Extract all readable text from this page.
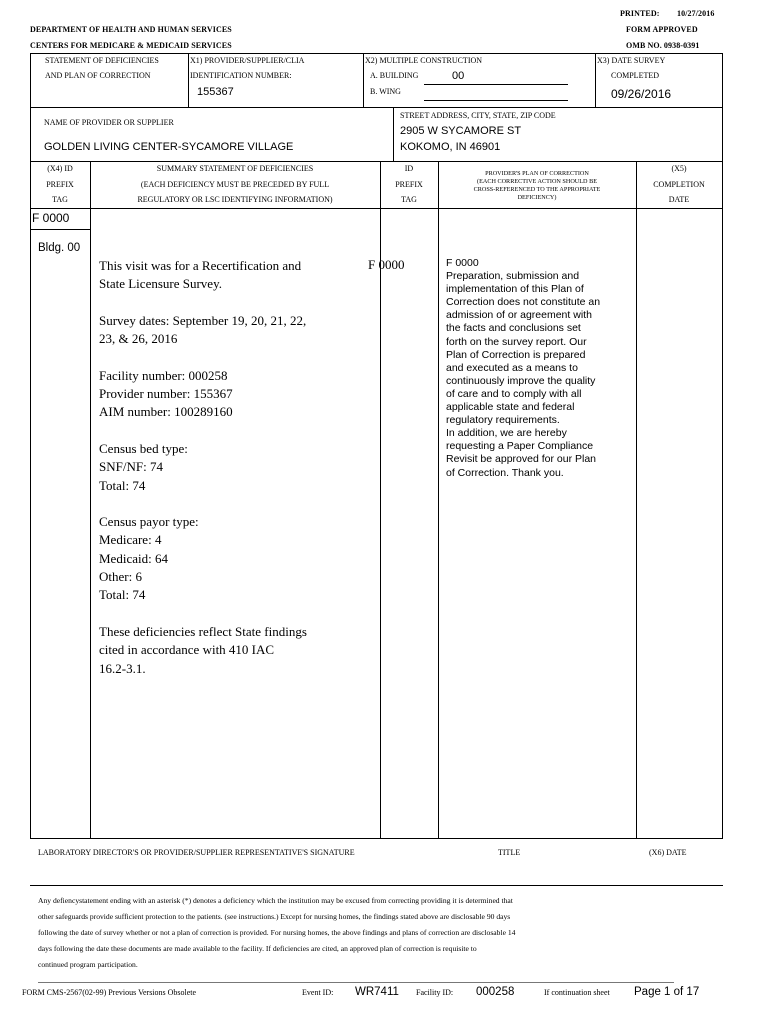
PRINTED: 10/27/2016
DEPARTMENT OF HEALTH AND HUMAN SERVICES	FORM APPROVED
CENTERS FOR MEDICARE & MEDICAID SERVICES	OMB NO. 0938-0391
STATEMENT OF DEFICIENCIES
AND PLAN OF CORRECTION
X1) PROVIDER/SUPPLIER/CLIA
IDENTIFICATION NUMBER:
155367
X2) MULTIPLE CONSTRUCTION
A. BUILDING	00
B. WING
X3) DATE SURVEY
COMPLETED
09/26/2016
NAME OF PROVIDER OR SUPPLIER
GOLDEN LIVING CENTER-SYCAMORE VILLAGE
STREET ADDRESS, CITY, STATE, ZIP CODE
2905 W SYCAMORE ST
KOKOMO, IN 46901
(X4) ID
PREFIX
TAG
SUMMARY STATEMENT OF DEFICIENCIES
(EACH DEFICIENCY MUST BE PRECEDED BY FULL
REGULATORY OR LSC IDENTIFYING INFORMATION)
ID
PREFIX
TAG
PROVIDER'S PLAN OF CORRECTION
(EACH CORRECTIVE ACTION SHOULD BE
CROSS-REFERENCED TO THE APPROPRIATE
DEFICIENCY)
(X5)
COMPLETION
DATE
F 0000
Bldg. 00
This visit was for a Recertification and
State Licensure Survey.
Survey dates: September 19, 20, 21, 22,
23, & 26, 2016
Facility number: 000258
Provider number: 155367
AIM number: 100289160
Census bed type:
SNF/NF: 74
Total: 74
Census payor type:
Medicare: 4
Medicaid: 64
Other: 6
Total: 74
These deficiencies reflect State findings
cited in accordance with 410 IAC
16.2-3.1.
F 0000	F 0000
Preparation, submission and
implementation of this Plan of
Correction does not constitute an
admission of or agreement with
the facts and conclusions set
forth on the survey report. Our
Plan of Correction is prepared
and executed as a means to
continuously improve the quality
of care and to comply with all
applicable state and federal
regulatory requirements.
In addition, we are hereby
requesting a Paper Compliance
Revisit be approved for our Plan
of Correction. Thank you.
LABORATORY DIRECTOR'S OR PROVIDER/SUPPLIER REPRESENTATIVE'S SIGNATURE	TITLE	(X6) DATE
Any defiencystatement ending with an asterisk (*) denotes a deficiency which the institution may be excused from correcting providing it is determined that
other safeguards provide sufficient protection to the patients. (see instructions.) Except for nursing homes, the findings stated above are disclosable 90 days
following the date of survey whether or not a plan of correction is provided. For nursing homes, the above findings and plans of correction are disclosable 14
days following the date these documents are made available to the facility. If deficiencies are cited, an approved plan of correction is requisite to
continued program participation.
FORM CMS-2567(02-99) Previous Versions Obsolete	Event ID: WR7411 Facility ID: 000258	If continuation sheet Page 1 of 17
